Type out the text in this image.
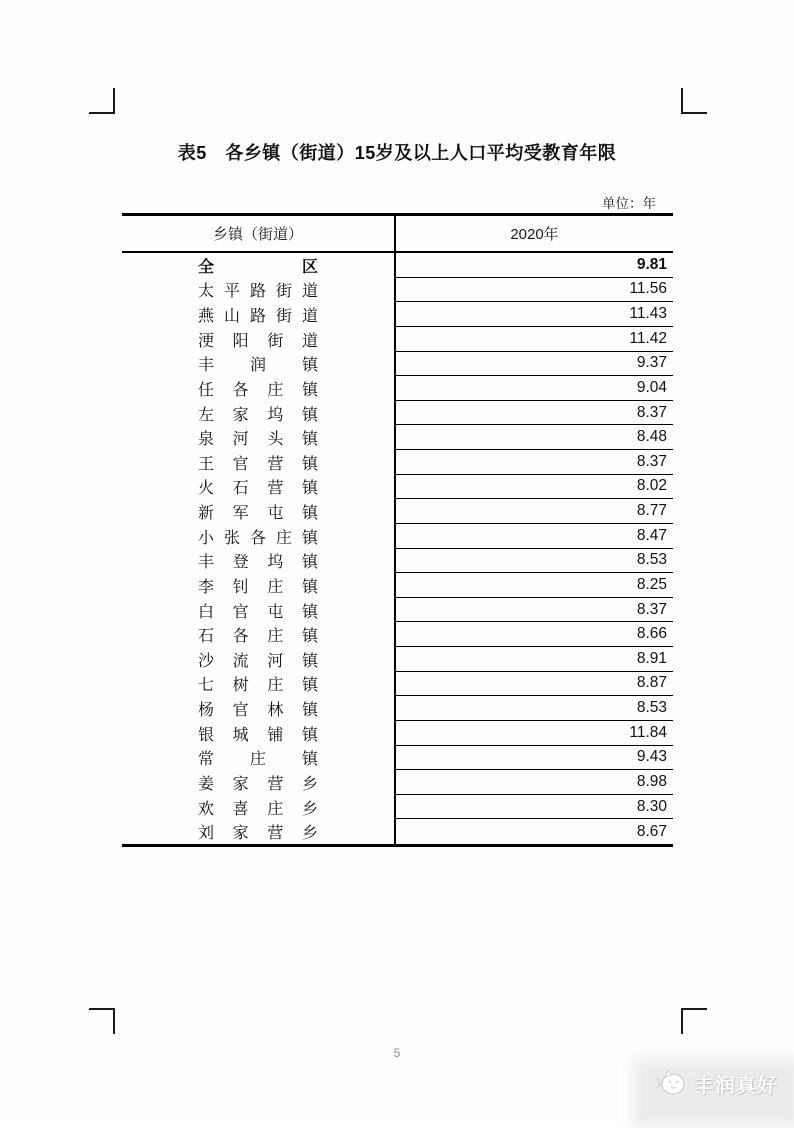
表5　各乡镇（街道）15岁及以上人口平均受教育年限
单位：年
乡镇（街道）	2020年
全区	9.81
太平路街道	11.56
燕山路街道	11.43
浭阳街道	11.42
丰润镇	9.37
任各庄镇	9.04
左家坞镇	8.37
泉河头镇	8.48
王官营镇	8.37
火石营镇	8.02
新军屯镇	8.77
小张各庄镇	8.47
丰登坞镇	8.53
李钊庄镇	8.25
白官屯镇	8.37
石各庄镇	8.66
沙流河镇	8.91
七树庄镇	8.87
杨官林镇	8.53
银城铺镇	11.84
常庄镇	9.43
姜家营乡	8.98
欢喜庄乡	8.30
刘家营乡	8.67
5
丰润真好
